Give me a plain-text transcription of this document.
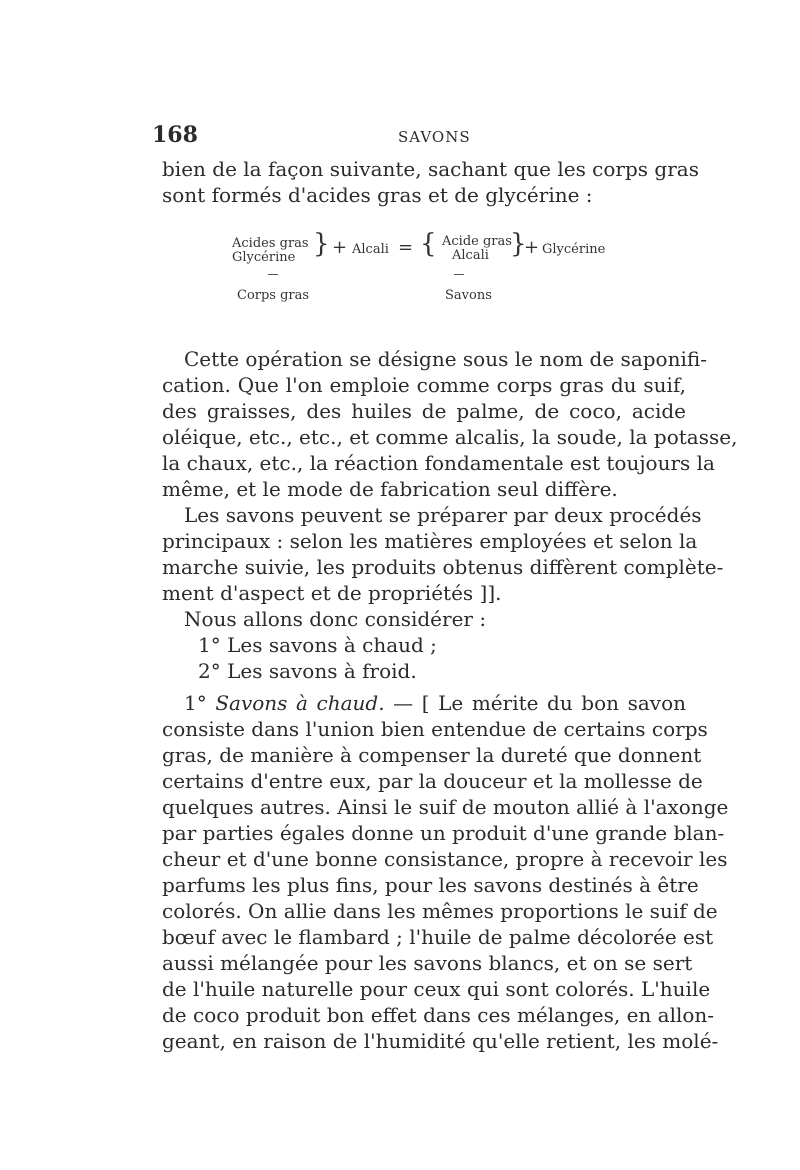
168	SAVONS
bien de la façon suivante, sachant que les corps gras
sont formés d'acides gras et de glycérine :
Acides gras
Glycérine } + Alcali = { Acide gras
Alcali }
+ Glycérine
Corps gras	Savons
Cette opération se désigne sous le nom de saponifi-
cation. Que l'on emploie comme corps gras du suif,
des graisses, des huiles de palme, de coco, acide
oléique, etc., etc., et comme alcalis, la soude, la potasse,
la chaux, etc., la réaction fondamentale est toujours la
même, et le mode de fabrication seul diffère.
Les savons peuvent se préparer par deux procédés
principaux : selon les matières employées et selon la
marche suivie, les produits obtenus diffèrent complète-
ment d'aspect et de propriétés ]].
Nous allons donc considérer :
1° Les savons à chaud ;
2° Les savons à froid.
1° Savons à chaud. — [ Le mérite du bon savon
consiste dans l'union bien entendue de certains corps
gras, de manière à compenser la dureté que donnent
certains d'entre eux, par la douceur et la mollesse de
quelques autres. Ainsi le suif de mouton allié à l'axonge
par parties égales donne un produit d'une grande blan-
cheur et d'une bonne consistance, propre à recevoir les
parfums les plus fins, pour les savons destinés à être
colorés. On allie dans les mêmes proportions le suif de
bœuf avec le flambard ; l'huile de palme décolorée est
aussi mélangée pour les savons blancs, et on se sert
de l'huile naturelle pour ceux qui sont colorés. L'huile
de coco produit bon effet dans ces mélanges, en allon-
geant, en raison de l'humidité qu'elle retient, les molé-
